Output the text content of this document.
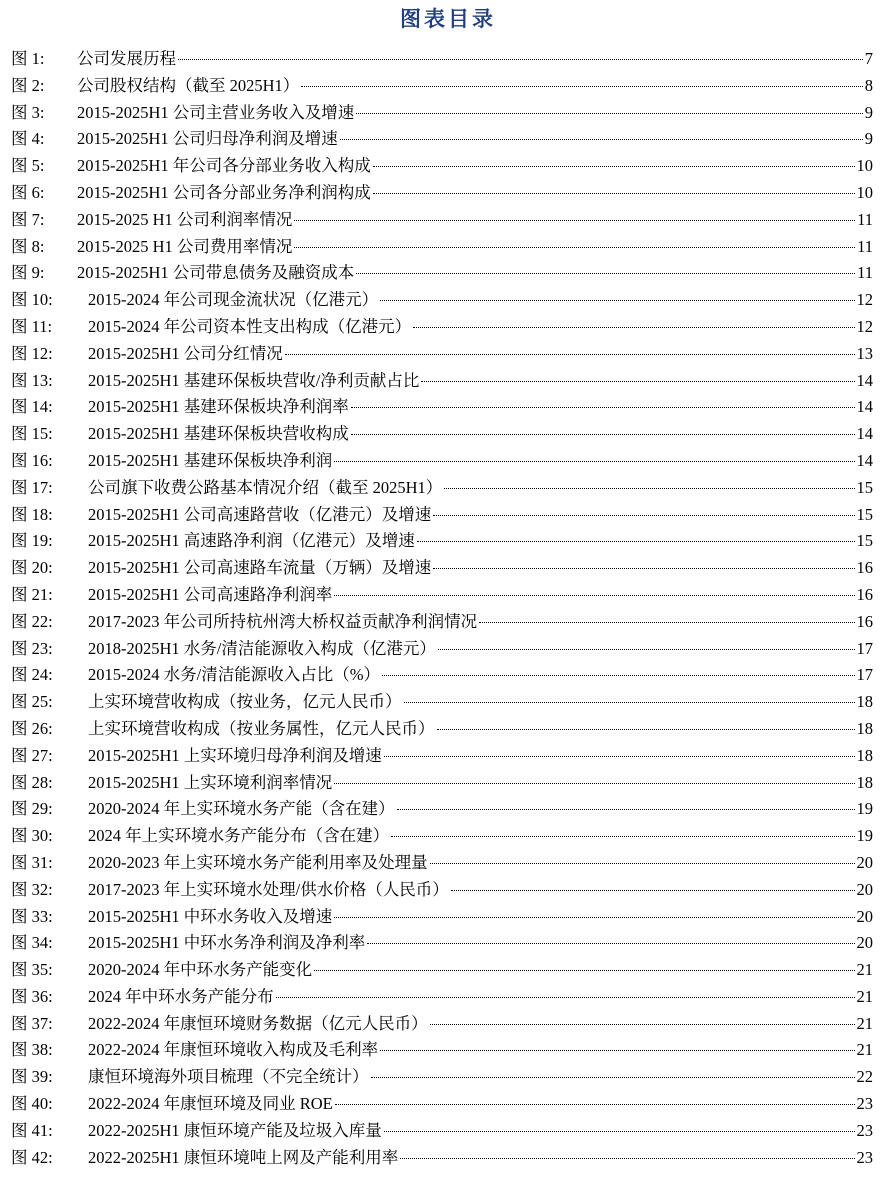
图表目录
图 1:	公司发展历程	7
图 2:	公司股权结构（截至 2025H1）	8
图 3:	2015-2025H1 公司主营业务收入及增速	9
图 4:	2015-2025H1 公司归母净利润及增速	9
图 5:	2015-2025H1 年公司各分部业务收入构成	10
图 6:	2015-2025H1 公司各分部业务净利润构成	10
图 7:	2015-2025 H1 公司利润率情况	11
图 8:	2015-2025 H1 公司费用率情况	11
图 9:	2015-2025H1 公司带息债务及融资成本	11
图 10:	2015-2024 年公司现金流状况（亿港元）	12
图 11:	2015-2024 年公司资本性支出构成（亿港元）	12
图 12:	2015-2025H1 公司分红情况	13
图 13:	2015-2025H1 基建环保板块营收/净利贡献占比	14
图 14:	2015-2025H1 基建环保板块净利润率	14
图 15:	2015-2025H1 基建环保板块营收构成	14
图 16:	2015-2025H1 基建环保板块净利润	14
图 17:	公司旗下收费公路基本情况介绍（截至 2025H1）	15
图 18:	2015-2025H1 公司高速路营收（亿港元）及增速	15
图 19:	2015-2025H1 高速路净利润（亿港元）及增速	15
图 20:	2015-2025H1 公司高速路车流量（万辆）及增速	16
图 21:	2015-2025H1 公司高速路净利润率	16
图 22:	2017-2023 年公司所持杭州湾大桥权益贡献净利润情况	16
图 23:	2018-2025H1 水务/清洁能源收入构成（亿港元）	17
图 24:	2015-2024 水务/清洁能源收入占比（%）	17
图 25:	上实环境营收构成（按业务，亿元人民币）	18
图 26:	上实环境营收构成（按业务属性，亿元人民币）	18
图 27:	2015-2025H1 上实环境归母净利润及增速	18
图 28:	2015-2025H1 上实环境利润率情况	18
图 29:	2020-2024 年上实环境水务产能（含在建）	19
图 30:	2024 年上实环境水务产能分布（含在建）	19
图 31:	2020-2023 年上实环境水务产能利用率及处理量	20
图 32:	2017-2023 年上实环境水处理/供水价格（人民币）	20
图 33:	2015-2025H1 中环水务收入及增速	20
图 34:	2015-2025H1 中环水务净利润及净利率	20
图 35:	2020-2024 年中环水务产能变化	21
图 36:	2024 年中环水务产能分布	21
图 37:	2022-2024 年康恒环境财务数据（亿元人民币）	21
图 38:	2022-2024 年康恒环境收入构成及毛利率	21
图 39:	康恒环境海外项目梳理（不完全统计）	22
图 40:	2022-2024 年康恒环境及同业 ROE	23
图 41:	2022-2025H1 康恒环境产能及垃圾入库量	23
图 42:	2022-2025H1 康恒环境吨上网及产能利用率	23
